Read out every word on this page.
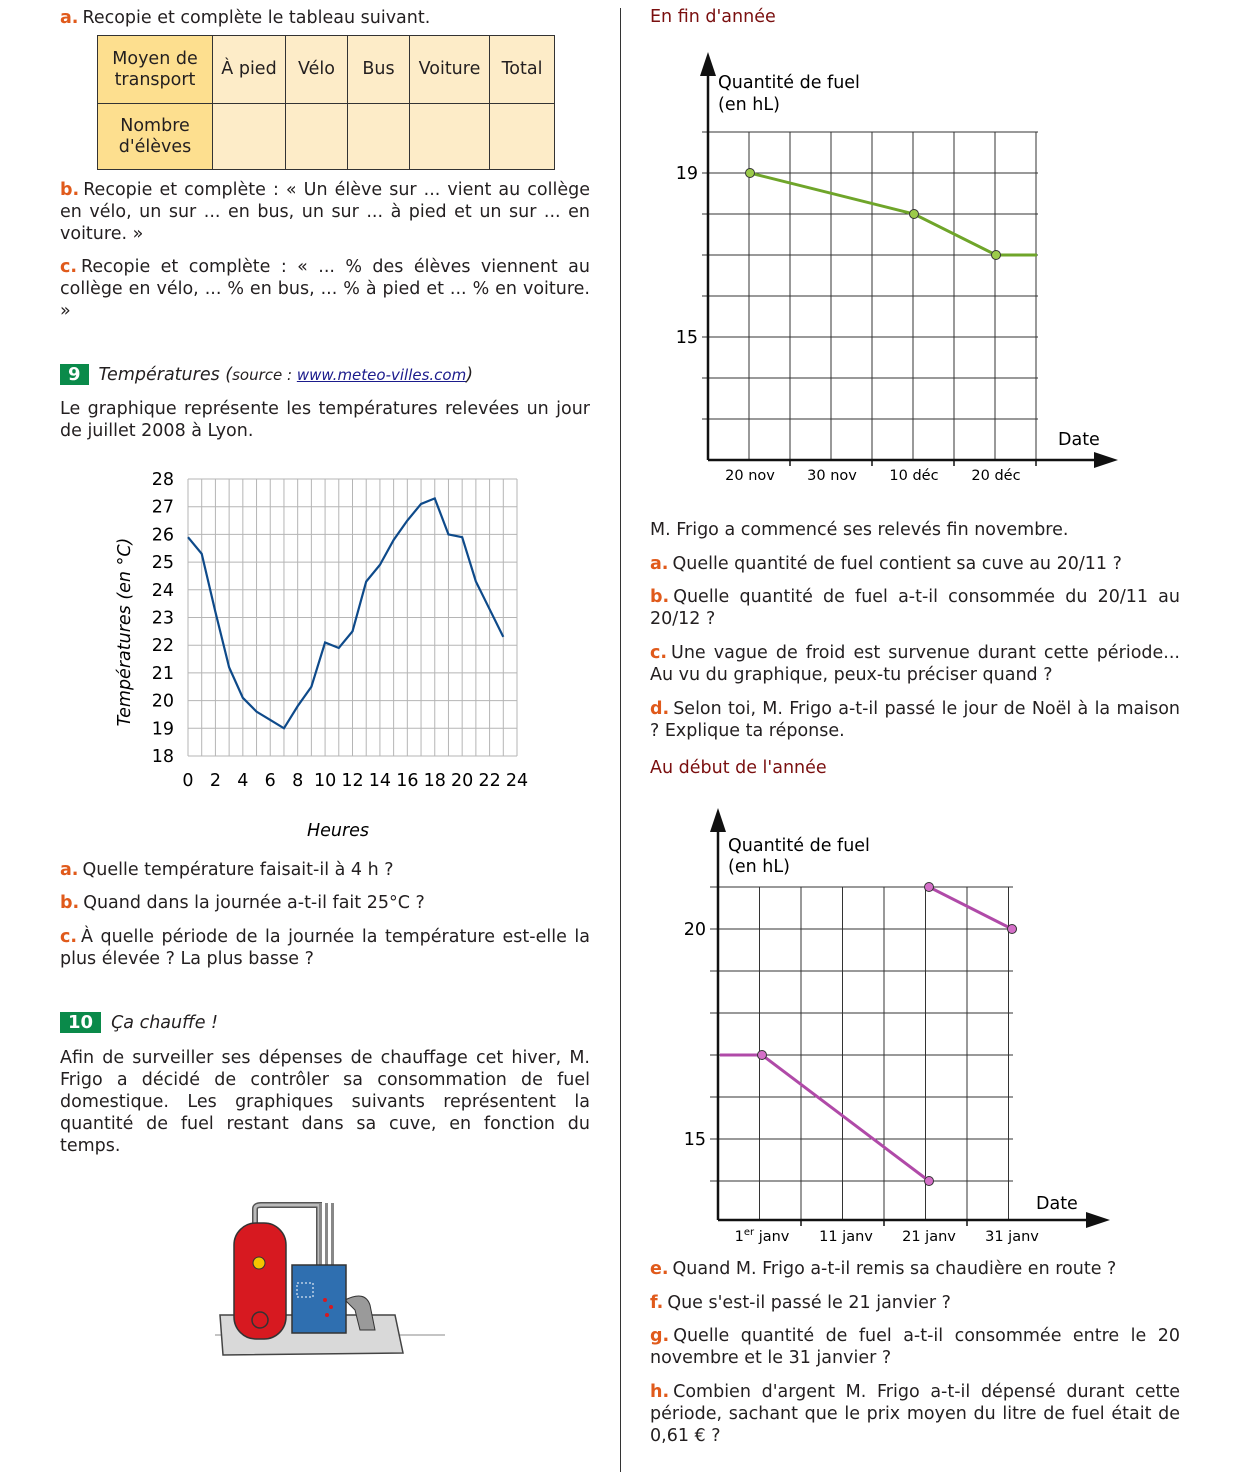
a. Recopie et complète le tableau suivant.

Moyen de transport	À pied	Vélo	Bus	Voiture	Total
Nombre d'élèves					

b. Recopie et complète : « Un élève sur ... vient au collège en vélo, un sur ... en bus, un sur ... à pied et un sur ... en voiture. »

c. Recopie et complète : « ... % des élèves viennent au collège en vélo, ... % en bus, ... % à pied et ... % en voiture. »

9 Températures (source : www.meteo-villes.com)

Le graphique représente les températures relevées un jour de juillet 2008 à Lyon.

18
19
20
21
22
23
24
25
26
27
28
0 2 4 6 8 10 12 14 16 18 20 22 24
Températures (en °C)
Heures

a. Quelle température faisait-il à 4 h ?

b. Quand dans la journée a-t-il fait 25°C ?

c. À quelle période de la journée la température est-elle la plus élevée ? La plus basse ?

10 Ça chauffe !

Afin de surveiller ses dépenses de chauffage cet hiver, M. Frigo a décidé de contrôler sa consommation de fuel domestique. Les graphiques suivants représentent la quantité de fuel restant dans sa cuve, en fonction du temps.

En fin d'année
Quantité de fuel
(en hL)
Date
19
15
20 nov 30 nov 10 déc 20 déc

M. Frigo a commencé ses relevés fin novembre.

a. Quelle quantité de fuel contient sa cuve au 20/11 ?

b. Quelle quantité de fuel a-t-il consommée du 20/11 au 20/12 ?

c. Une vague de froid est survenue durant cette période... Au vu du graphique, peux-tu préciser quand ?

d. Selon toi, M. Frigo a-t-il passé le jour de Noël à la maison ? Explique ta réponse.

Au début de l'année
Quantité de fuel
(en hL)
Date
20
15
1er janv 11 janv 21 janv 31 janv

e. Quand M. Frigo a-t-il remis sa chaudière en route ?

f. Que s'est-il passé le 21 janvier ?

g. Quelle quantité de fuel a-t-il consommée entre le 20 novembre et le 31 janvier ?

h. Combien d'argent M. Frigo a-t-il dépensé durant cette période, sachant que le prix moyen du litre de fuel était de 0,61 € ?
